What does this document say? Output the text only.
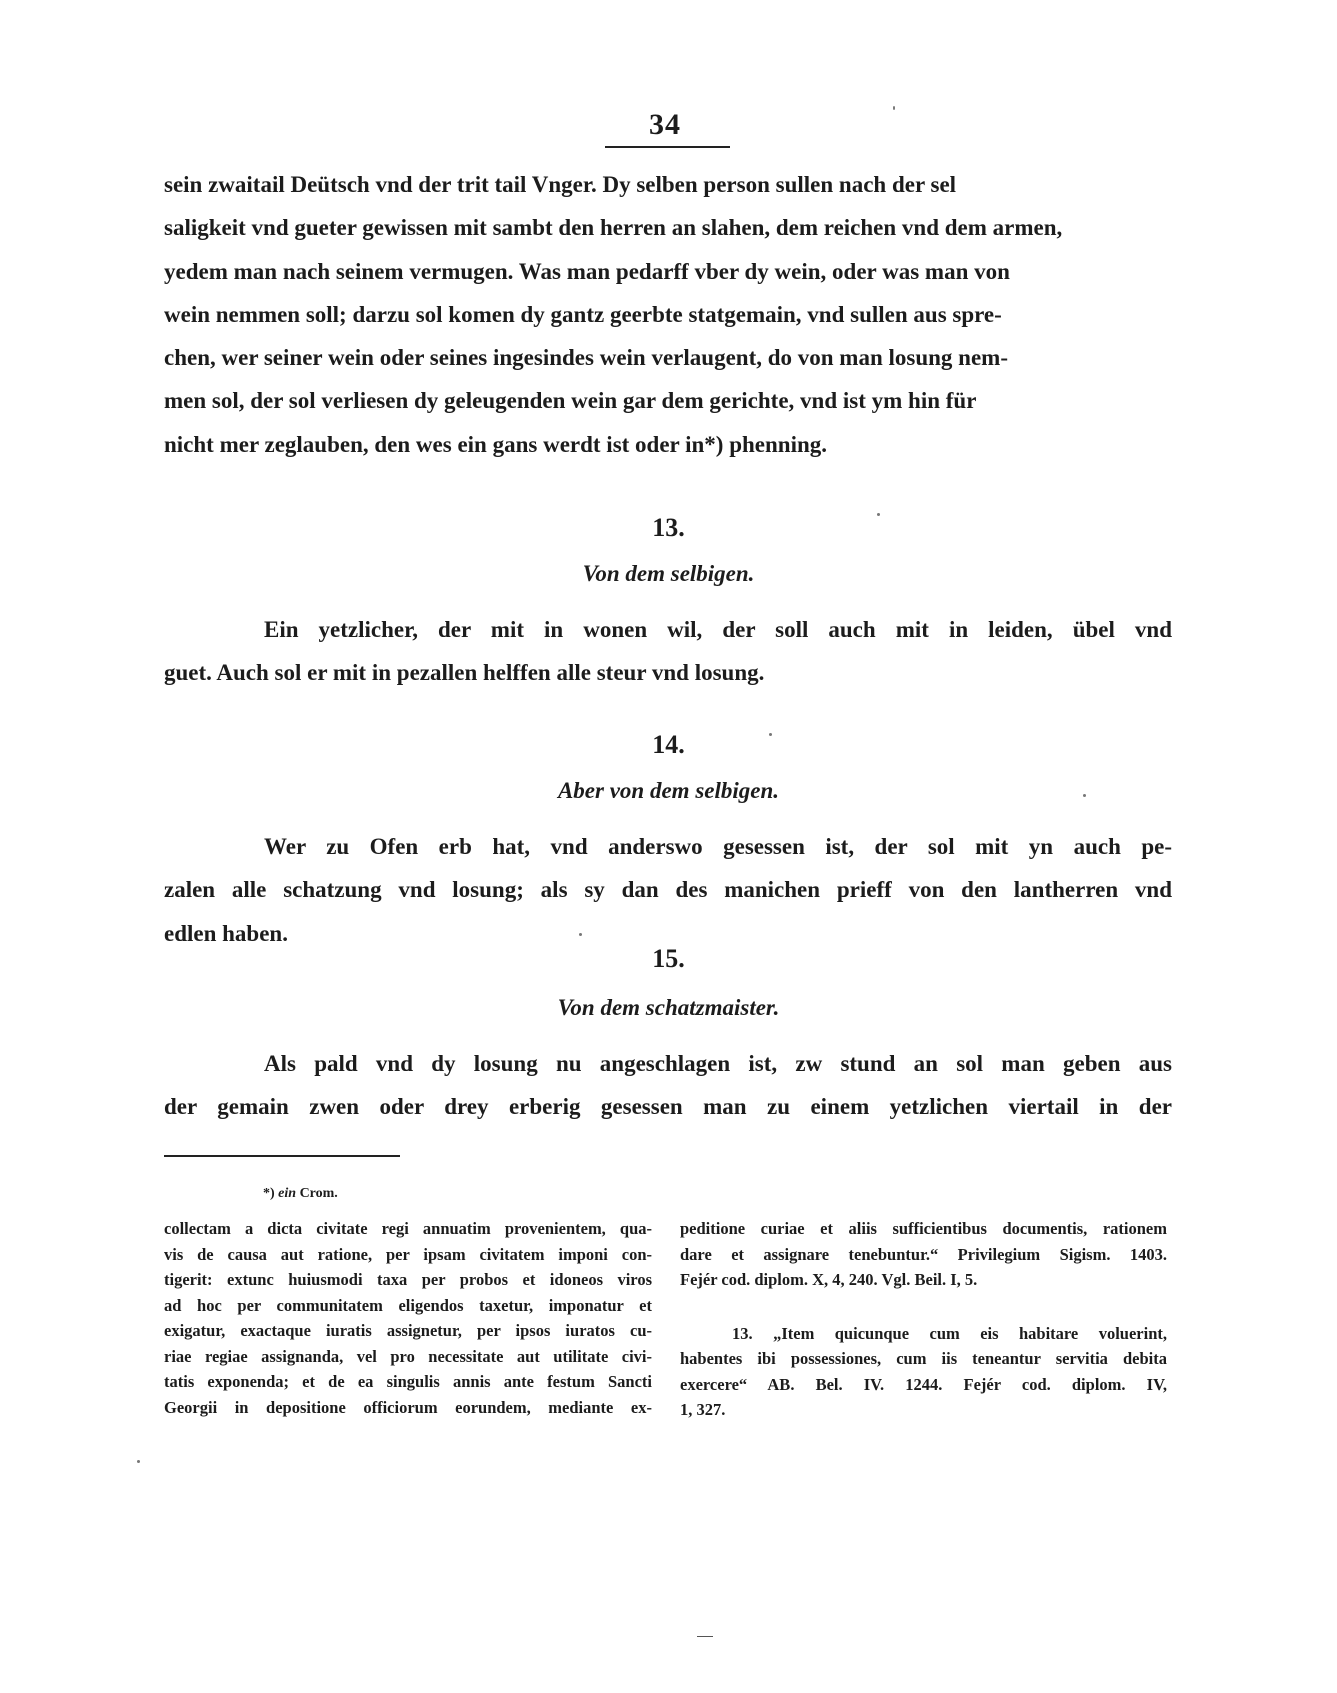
34
sein zwaitail Deütsch vnd der trit tail Vnger. Dy selben person sullen nach der sel
saligkeit vnd gueter gewissen mit sambt den herren an slahen, dem reichen vnd dem armen,
yedem man nach seinem vermugen. Was man pedarff vber dy wein, oder was man von
wein nemmen soll; darzu sol komen dy gantz geerbte statgemain, vnd sullen aus spre-
chen, wer seiner wein oder seines ingesindes wein verlaugent, do von man losung nem-
men sol, der sol verliesen dy geleugenden wein gar dem gerichte, vnd ist ym hin für
nicht mer zeglauben, den wes ein gans werdt ist oder in*) phenning.
13.
Von dem selbigen.
Ein yetzlicher, der mit in wonen wil, der soll auch mit in leiden, übel vnd
guet. Auch sol er mit in pezallen helffen alle steur vnd losung.
14.
Aber von dem selbigen.
Wer zu Ofen erb hat, vnd anderswo gesessen ist, der sol mit yn auch pe-
zalen alle schatzung vnd losung; als sy dan des manichen prieff von den lantherren vnd
edlen haben.
15.
Von dem schatzmaister.
Als pald vnd dy losung nu angeschlagen ist, zw stund an sol man geben aus
der gemain zwen oder drey erberig gesessen man zu einem yetzlichen viertail in der
*) ein Crom.
collectam a dicta civitate regi annuatim provenientem, qua-
vis de causa aut ratione, per ipsam civitatem imponi con-
tigerit: extunc huiusmodi taxa per probos et idoneos viros
ad hoc per communitatem eligendos taxetur, imponatur et
exigatur, exactaque iuratis assignetur, per ipsos iuratos cu-
riae regiae assignanda, vel pro necessitate aut utilitate civi-
tatis exponenda; et de ea singulis annis ante festum Sancti
Georgii in depositione officiorum eorundem, mediante ex-
peditione curiae et aliis sufficientibus documentis, rationem
dare et assignare tenebuntur.“ Privilegium Sigism. 1403.
Fejér cod. diplom. X, 4, 240. Vgl. Beil. I, 5.
13. „Item quicunque cum eis habitare voluerint,
habentes ibi possessiones, cum iis teneantur servitia debita
exercere“ AB. Bel. IV. 1244. Fejér cod. diplom. IV,
1, 327.
